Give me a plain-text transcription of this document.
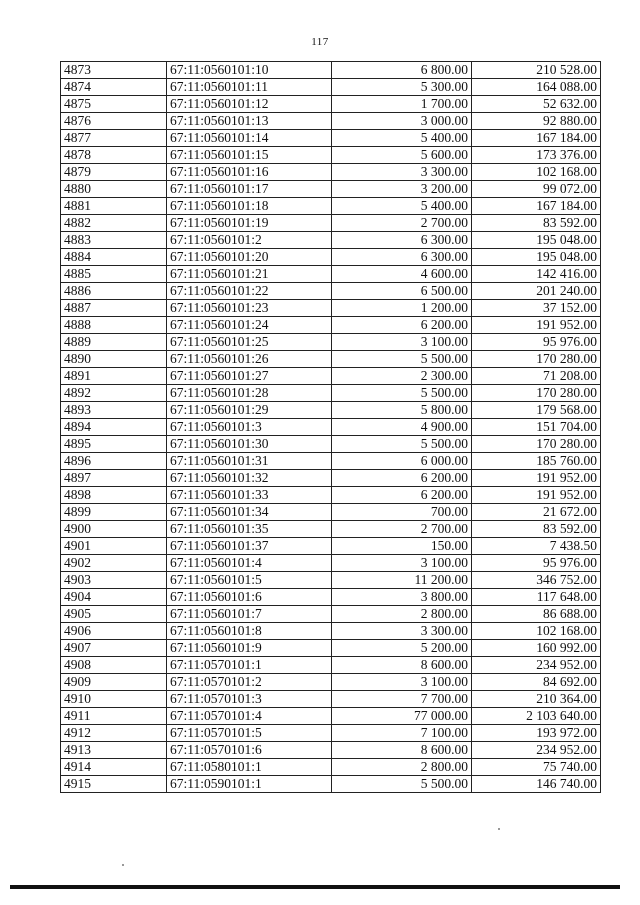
117
4873	67:11:0560101:10	6 800.00	210 528.00
4874	67:11:0560101:11	5 300.00	164 088.00
4875	67:11:0560101:12	1 700.00	52 632.00
4876	67:11:0560101:13	3 000.00	92 880.00
4877	67:11:0560101:14	5 400.00	167 184.00
4878	67:11:0560101:15	5 600.00	173 376.00
4879	67:11:0560101:16	3 300.00	102 168.00
4880	67:11:0560101:17	3 200.00	99 072.00
4881	67:11:0560101:18	5 400.00	167 184.00
4882	67:11:0560101:19	2 700.00	83 592.00
4883	67:11:0560101:2	6 300.00	195 048.00
4884	67:11:0560101:20	6 300.00	195 048.00
4885	67:11:0560101:21	4 600.00	142 416.00
4886	67:11:0560101:22	6 500.00	201 240.00
4887	67:11:0560101:23	1 200.00	37 152.00
4888	67:11:0560101:24	6 200.00	191 952.00
4889	67:11:0560101:25	3 100.00	95 976.00
4890	67:11:0560101:26	5 500.00	170 280.00
4891	67:11:0560101:27	2 300.00	71 208.00
4892	67:11:0560101:28	5 500.00	170 280.00
4893	67:11:0560101:29	5 800.00	179 568.00
4894	67:11:0560101:3	4 900.00	151 704.00
4895	67:11:0560101:30	5 500.00	170 280.00
4896	67:11:0560101:31	6 000.00	185 760.00
4897	67:11:0560101:32	6 200.00	191 952.00
4898	67:11:0560101:33	6 200.00	191 952.00
4899	67:11:0560101:34	700.00	21 672.00
4900	67:11:0560101:35	2 700.00	83 592.00
4901	67:11:0560101:37	150.00	7 438.50
4902	67:11:0560101:4	3 100.00	95 976.00
4903	67:11:0560101:5	11 200.00	346 752.00
4904	67:11:0560101:6	3 800.00	117 648.00
4905	67:11:0560101:7	2 800.00	86 688.00
4906	67:11:0560101:8	3 300.00	102 168.00
4907	67:11:0560101:9	5 200.00	160 992.00
4908	67:11:0570101:1	8 600.00	234 952.00
4909	67:11:0570101:2	3 100.00	84 692.00
4910	67:11:0570101:3	7 700.00	210 364.00
4911	67:11:0570101:4	77 000.00	2 103 640.00
4912	67:11:0570101:5	7 100.00	193 972.00
4913	67:11:0570101:6	8 600.00	234 952.00
4914	67:11:0580101:1	2 800.00	75 740.00
4915	67:11:0590101:1	5 500.00	146 740.00
